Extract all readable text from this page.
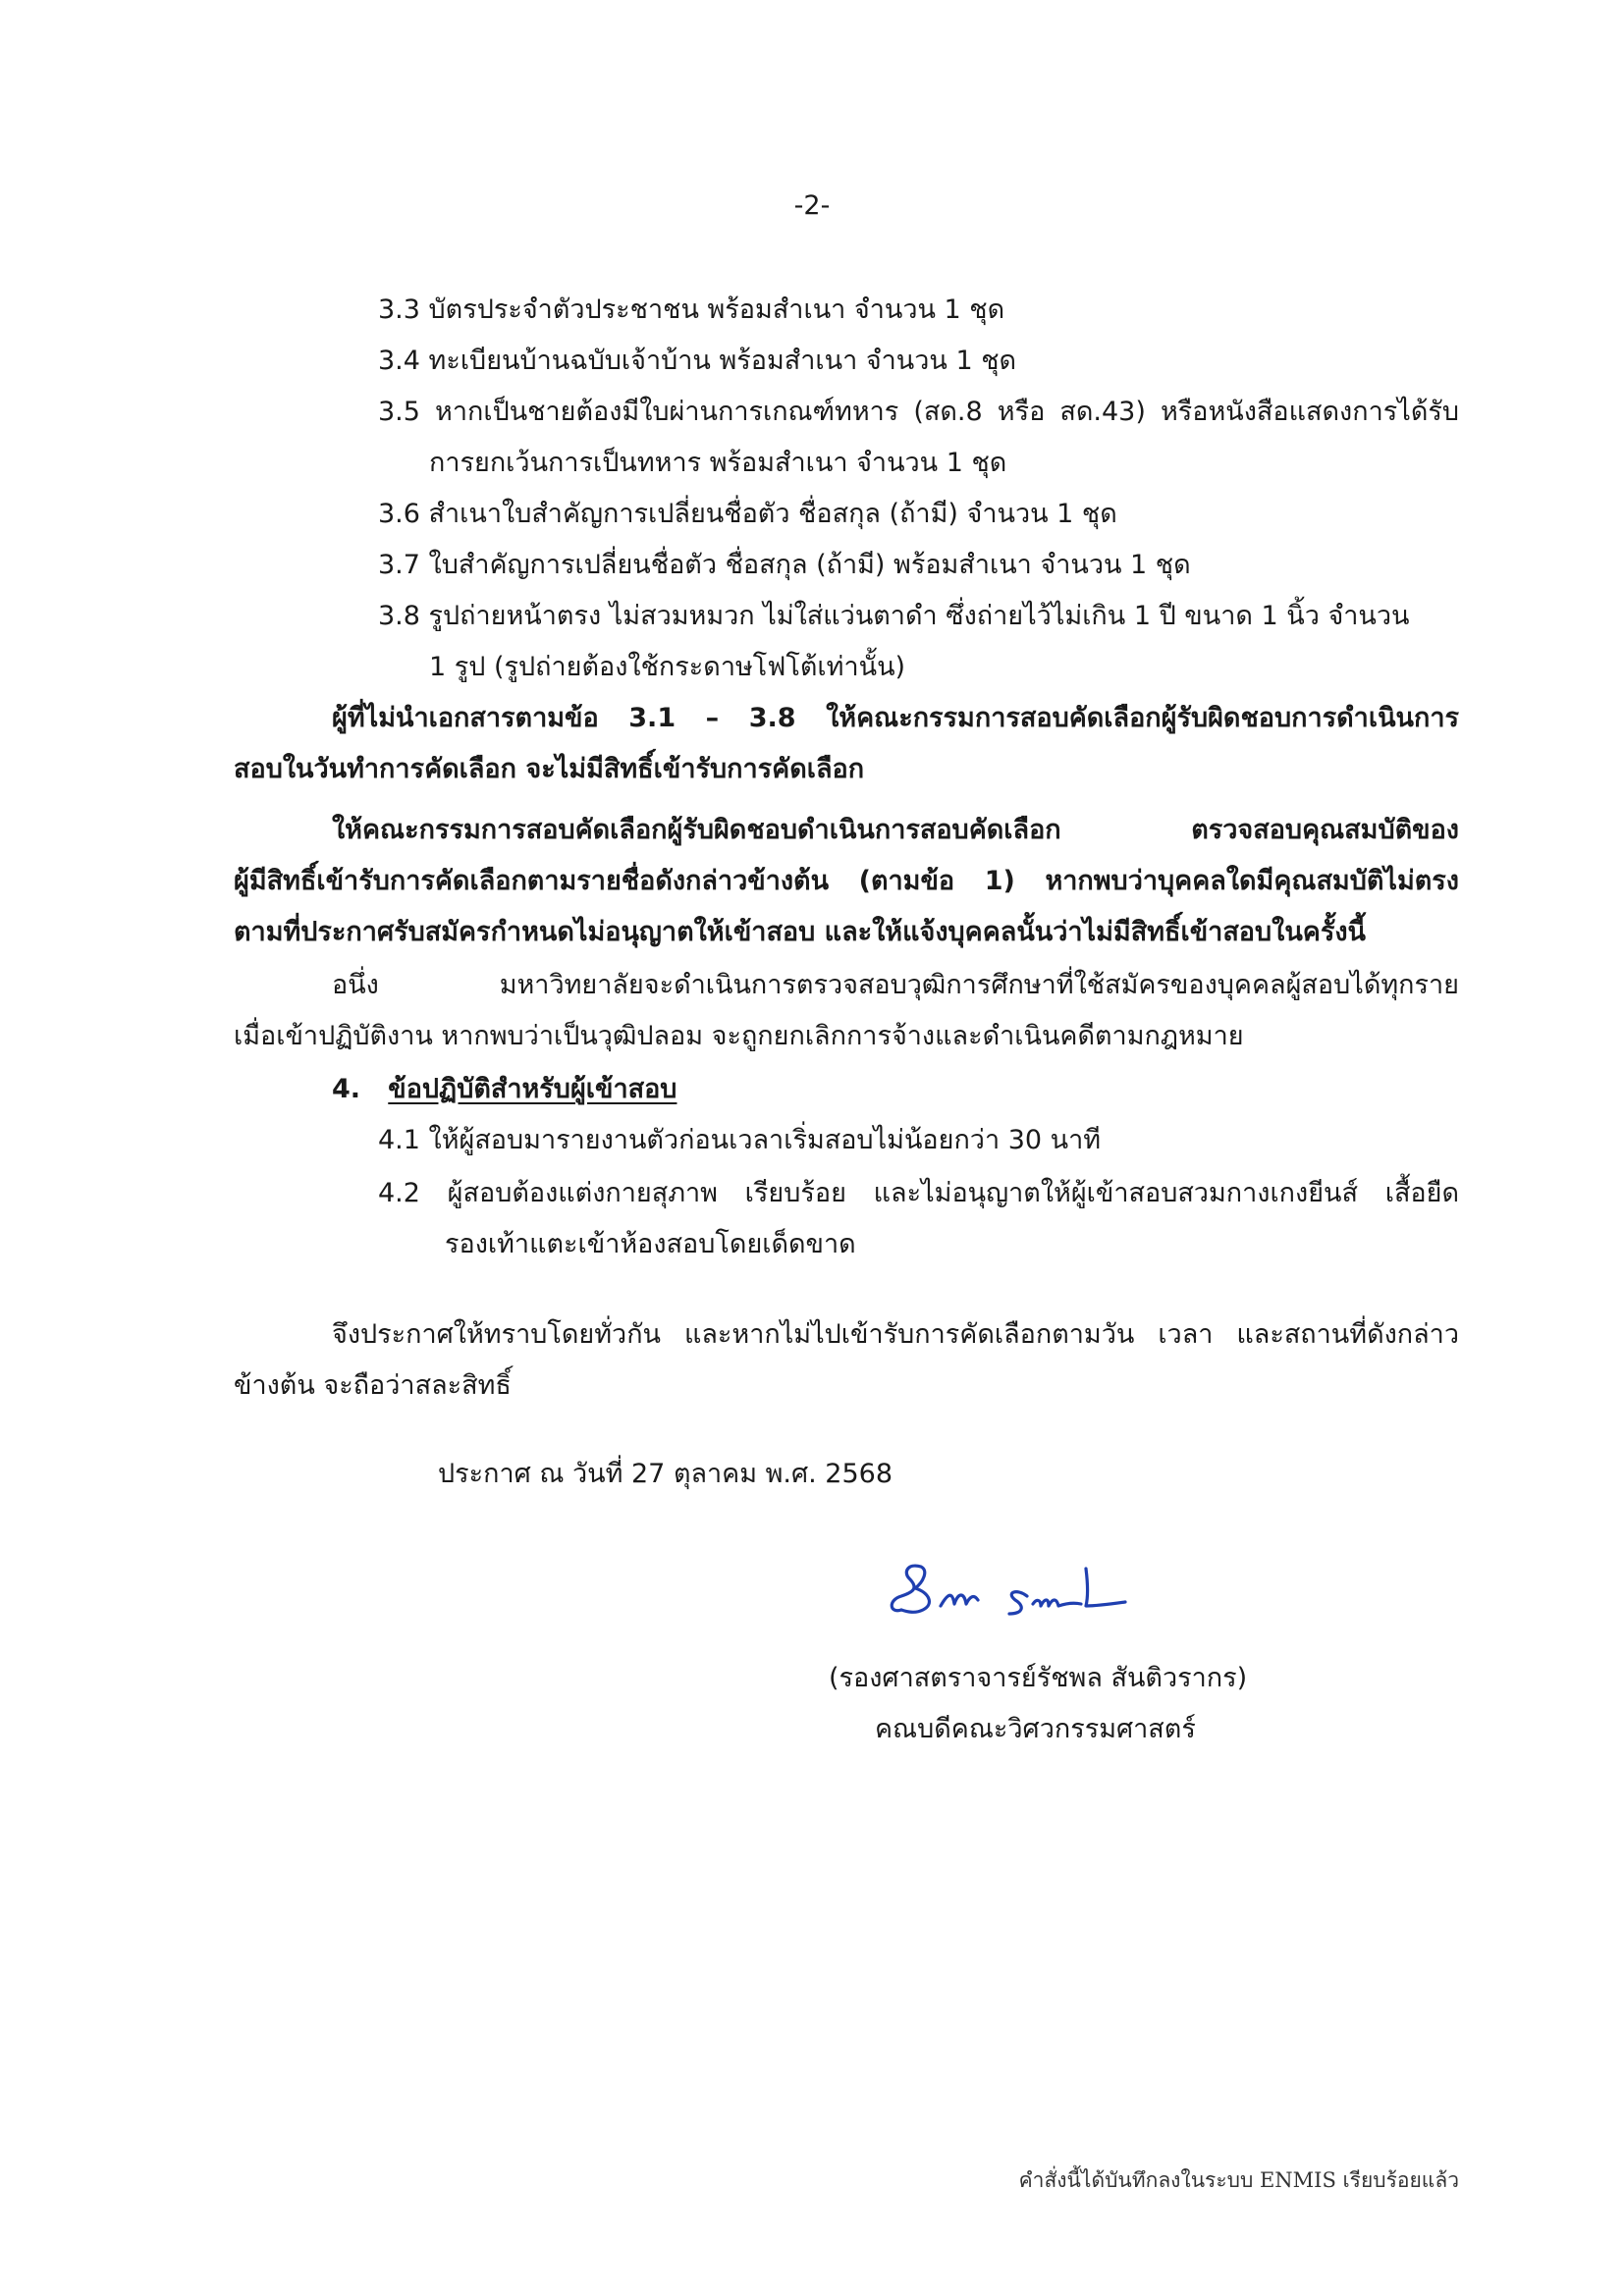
-2-
3.3 บัตรประจำตัวประชาชน พร้อมสำเนา จำนวน 1 ชุด
3.4 ทะเบียนบ้านฉบับเจ้าบ้าน พร้อมสำเนา จำนวน 1 ชุด
3.5 หากเป็นชายต้องมีใบผ่านการเกณฑ์ทหาร (สด.8 หรือ สด.43) หรือหนังสือแสดงการได้รับ
การยกเว้นการเป็นทหาร พร้อมสำเนา จำนวน 1 ชุด
3.6 สำเนาใบสำคัญการเปลี่ยนชื่อตัว ชื่อสกุล (ถ้ามี) จำนวน 1 ชุด
3.7 ใบสำคัญการเปลี่ยนชื่อตัว ชื่อสกุล (ถ้ามี) พร้อมสำเนา จำนวน 1 ชุด
3.8 รูปถ่ายหน้าตรง ไม่สวมหมวก ไม่ใส่แว่นตาดำ ซึ่งถ่ายไว้ไม่เกิน 1 ปี ขนาด 1 นิ้ว จำนวน
1 รูป (รูปถ่ายต้องใช้กระดาษโฟโต้เท่านั้น)
ผู้ที่ไม่นำเอกสารตามข้อ 3.1 – 3.8 ให้คณะกรรมการสอบคัดเลือกผู้รับผิดชอบการดำเนินการ
สอบในวันทำการคัดเลือก จะไม่มีสิทธิ์เข้ารับการคัดเลือก
ให้คณะกรรมการสอบคัดเลือกผู้รับผิดชอบดำเนินการสอบคัดเลือก ตรวจสอบคุณสมบัติของ
ผู้มีสิทธิ์เข้ารับการคัดเลือกตามรายชื่อดังกล่าวข้างต้น (ตามข้อ 1) หากพบว่าบุคคลใดมีคุณสมบัติไม่ตรง
ตามที่ประกาศรับสมัครกำหนดไม่อนุญาตให้เข้าสอบ และให้แจ้งบุคคลนั้นว่าไม่มีสิทธิ์เข้าสอบในครั้งนี้
อนึ่ง มหาวิทยาลัยจะดำเนินการตรวจสอบวุฒิการศึกษาที่ใช้สมัครของบุคคลผู้สอบได้ทุกราย
เมื่อเข้าปฏิบัติงาน หากพบว่าเป็นวุฒิปลอม จะถูกยกเลิกการจ้างและดำเนินคดีตามกฎหมาย
4. ข้อปฏิบัติสำหรับผู้เข้าสอบ
4.1 ให้ผู้สอบมารายงานตัวก่อนเวลาเริ่มสอบไม่น้อยกว่า 30 นาที
4.2 ผู้สอบต้องแต่งกายสุภาพ เรียบร้อย และไม่อนุญาตให้ผู้เข้าสอบสวมกางเกงยีนส์ เสื้อยืด
รองเท้าแตะเข้าห้องสอบโดยเด็ดขาด
จึงประกาศให้ทราบโดยทั่วกัน และหากไม่ไปเข้ารับการคัดเลือกตามวัน เวลา และสถานที่ดังกล่าว
ข้างต้น จะถือว่าสละสิทธิ์
ประกาศ ณ วันที่ 27 ตุลาคม พ.ศ. 2568
(รองศาสตราจารย์รัชพล สันติวรากร)
คณบดีคณะวิศวกรรมศาสตร์
คำสั่งนี้ได้บันทึกลงในระบบ ENMIS เรียบร้อยแล้ว
